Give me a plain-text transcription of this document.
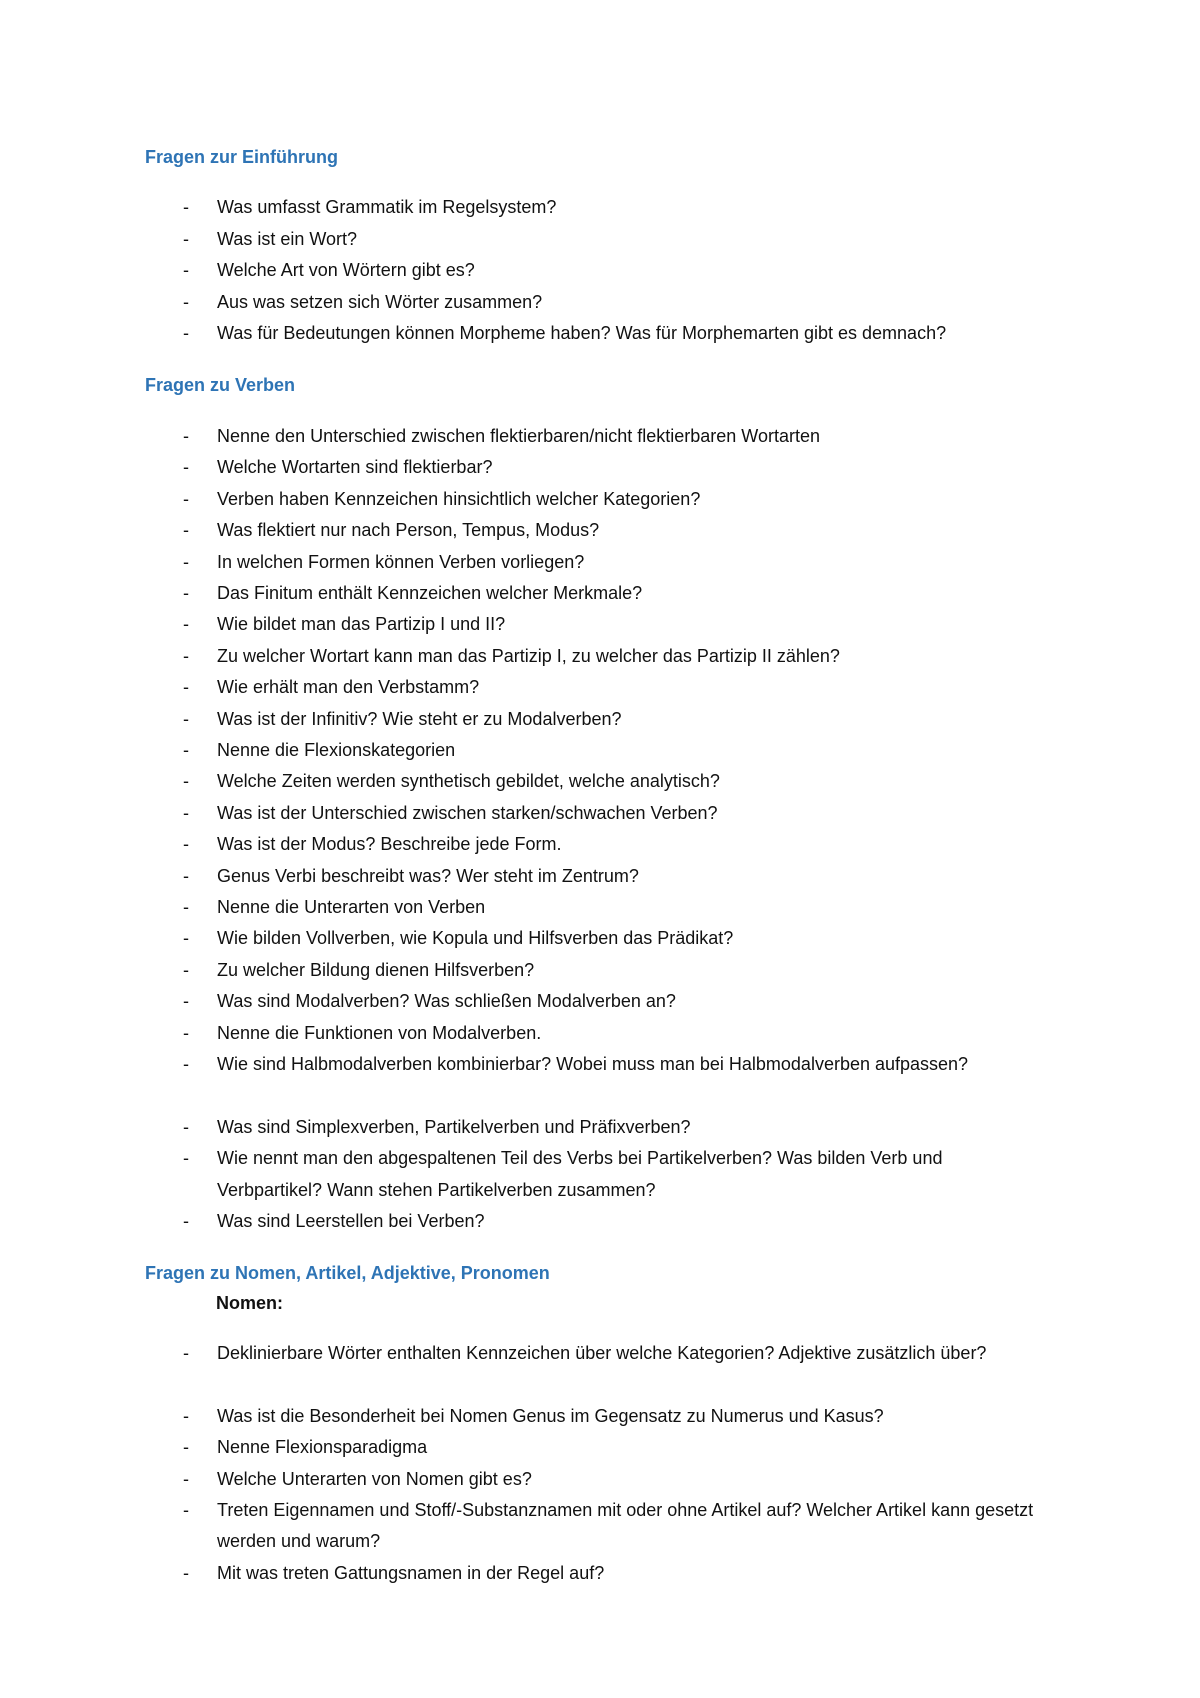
Fragen zur Einführung
- Was umfasst Grammatik im Regelsystem?
- Was ist ein Wort?
- Welche Art von Wörtern gibt es?
- Aus was setzen sich Wörter zusammen?
- Was für Bedeutungen können Morpheme haben? Was für Morphemarten gibt es demnach?
Fragen zu Verben
- Nenne den Unterschied zwischen flektierbaren/nicht flektierbaren Wortarten
- Welche Wortarten sind flektierbar?
- Verben haben Kennzeichen hinsichtlich welcher Kategorien?
- Was flektiert nur nach Person, Tempus, Modus?
- In welchen Formen können Verben vorliegen?
- Das Finitum enthält Kennzeichen welcher Merkmale?
- Wie bildet man das Partizip I und II?
- Zu welcher Wortart kann man das Partizip I, zu welcher das Partizip II zählen?
- Wie erhält man den Verbstamm?
- Was ist der Infinitiv? Wie steht er zu Modalverben?
- Nenne die Flexionskategorien
- Welche Zeiten werden synthetisch gebildet, welche analytisch?
- Was ist der Unterschied zwischen starken/schwachen Verben?
- Was ist der Modus? Beschreibe jede Form.
- Genus Verbi beschreibt was? Wer steht im Zentrum?
- Nenne die Unterarten von Verben
- Wie bilden Vollverben, wie Kopula und Hilfsverben das Prädikat?
- Zu welcher Bildung dienen Hilfsverben?
- Was sind Modalverben? Was schließen Modalverben an?
- Nenne die Funktionen von Modalverben.
- Wie sind Halbmodalverben kombinierbar? Wobei muss man bei Halbmodalverben aufpassen?
- Was sind Simplexverben, Partikelverben und Präfixverben?
- Wie nennt man den abgespaltenen Teil des Verbs bei Partikelverben? Was bilden Verb und Verbpartikel? Wann stehen Partikelverben zusammen?
- Was sind Leerstellen bei Verben?
Fragen zu Nomen, Artikel, Adjektive, Pronomen
Nomen:
- Deklinierbare Wörter enthalten Kennzeichen über welche Kategorien? Adjektive zusätzlich über?
- Was ist die Besonderheit bei Nomen Genus im Gegensatz zu Numerus und Kasus?
- Nenne Flexionsparadigma
- Welche Unterarten von Nomen gibt es?
- Treten Eigennamen und Stoff/-Substanznamen mit oder ohne Artikel auf? Welcher Artikel kann gesetzt werden und warum?
- Mit was treten Gattungsnamen in der Regel auf?
